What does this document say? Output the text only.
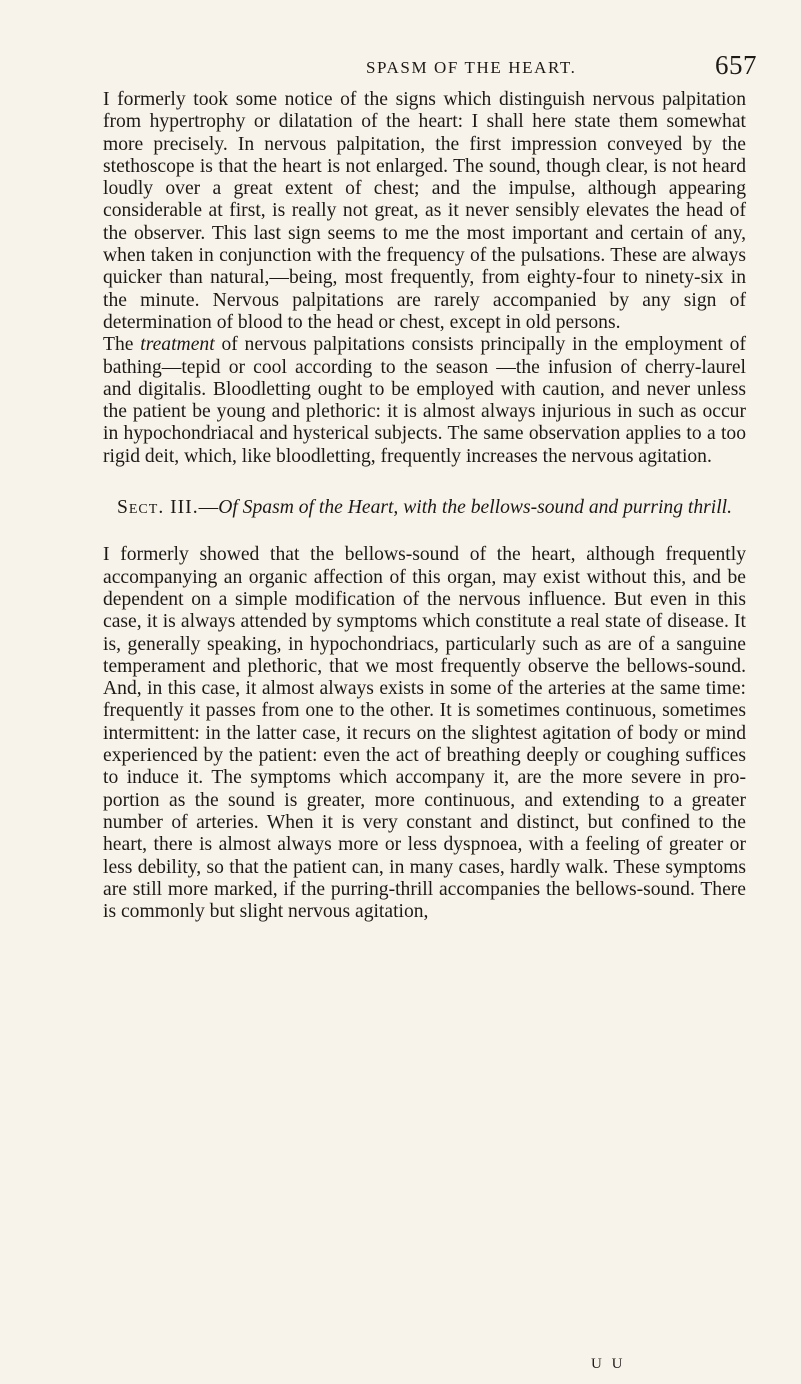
SPASM OF THE HEART.	657

I formerly took some notice of the signs which distinguish nervous palpitation from hypertrophy or dilatation of the heart: I shall here state them somewhat more precisely. In nervous palpitation, the first impression conveyed by the stethoscope is that the heart is not enlarged. The sound, though clear, is not heard loudly over a great extent of chest; and the impulse, although appearing considerable at first, is really not great, as it never sensibly elevates the head of the observer. This last sign seems to me the most important and certain of any, when taken in conjunction with the frequency of the pulsations. These are always quicker than natural,—being, most frequently, from eighty-four to ninety-six in the minute. Nervous palpitations are rarely accompanied by any sign of determination of blood to the head or chest, except in old persons.

The treatment of nervous palpitations consists principally in the employment of bathing—tepid or cool according to the season —the infusion of cherry-laurel and digitalis. Bloodletting ought to be employed with caution, and never unless the patient be young and plethoric: it is almost always injurious in such as occur in hypochondriacal and hysterical subjects. The same observation applies to a too rigid deit, which, like bloodletting, frequently increases the nervous agitation.

Sect. III.—Of Spasm of the Heart, with the bellows-sound and purring thrill.

I formerly showed that the bellows-sound of the heart, although frequently accompanying an organic affection of this organ, may exist without this, and be dependent on a simple modification of the nervous influence. But even in this case, it is always attended by symptoms which constitute a real state of disease. It is, generally speaking, in hypochondriacs, particularly such as are of a sanguine temperament and plethoric, that we most frequently observe the bellows-sound. And, in this case, it almost always exists in some of the arteries at the same time: frequently it passes from one to the other. It is sometimes continuous, sometimes intermittent: in the latter case, it recurs on the slightest agitation of body or mind experienced by the patient: even the act of breathing deeply or coughing suffices to induce it. The symptoms which accompany it, are the more severe in proportion as the sound is greater, more continuous, and extending to a greater number of arteries. When it is very constant and distinct, but confined to the heart, there is almost always more or less dyspnoea, with a feeling of greater or less debility, so that the patient can, in many cases, hardly walk. These symptoms are still more marked, if the purring-thrill accompanies the bellows-sound. There is commonly but slight nervous agitation,

U U
